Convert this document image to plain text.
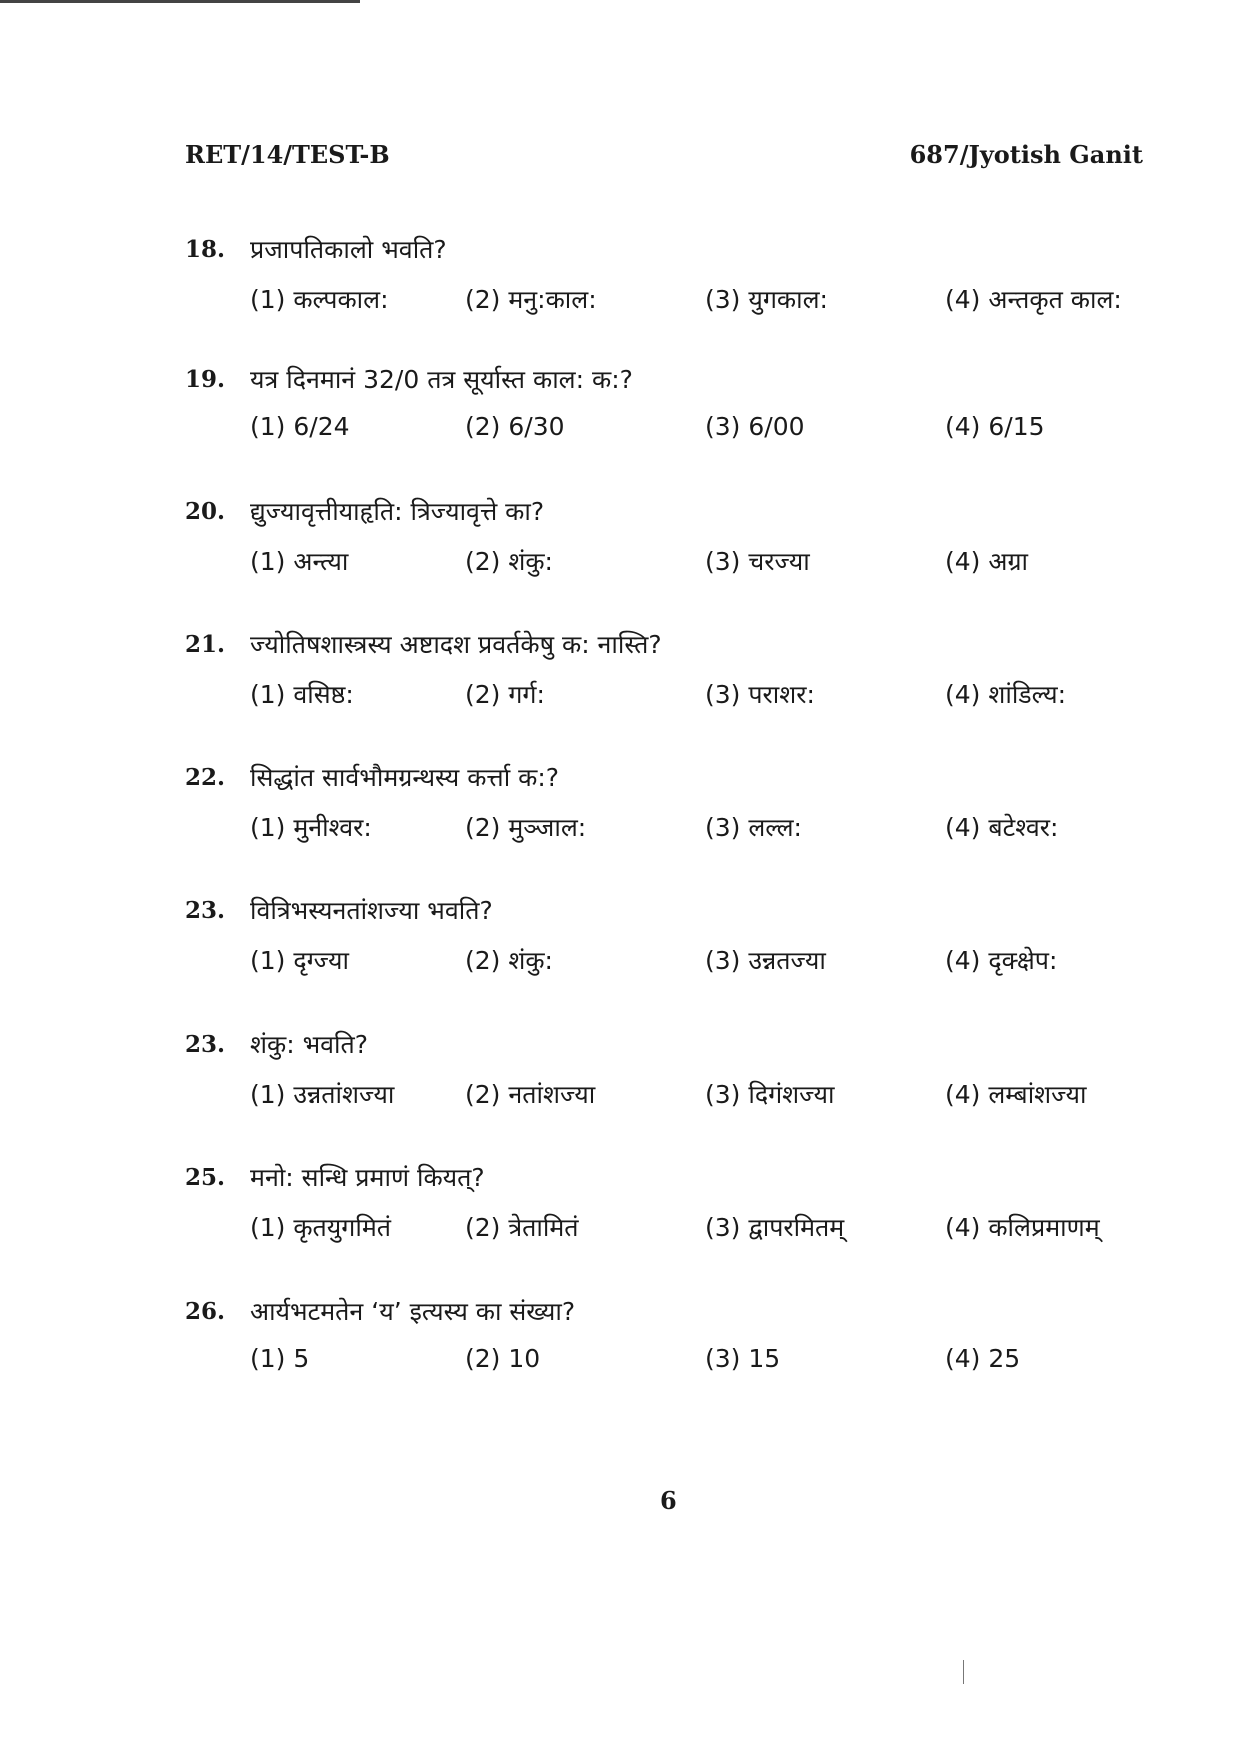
RET/14/TEST-B	687/Jyotish Ganit
18. प्रजापतिकालो भवति?
(1) कल्पकाल:	(2) मनु:काल:	(3) युगकाल:	(4) अन्तकृत काल:
19. यत्र दिनमानं 32/0 तत्र सूर्यास्त काल: क:?
(1) 6/24	(2) 6/30	(3) 6/00	(4) 6/15
20. द्युज्यावृत्तीयाहृति: त्रिज्यावृत्ते का?
(1) अन्त्या	(2) शंकु:	(3) चरज्या	(4) अग्रा
21. ज्योतिषशास्त्रस्य अष्टादश प्रवर्तकेषु क: नास्ति?
(1) वसिष्ठ:	(2) गर्ग:	(3) पराशर:	(4) शांडिल्य:
22. सिद्धांत सार्वभौमग्रन्थस्य कर्त्ता क:?
(1) मुनीश्वर:	(2) मुञ्जाल:	(3) लल्ल:	(4) बटेश्वर:
23. वित्रिभस्यनतांशज्या भवति?
(1) दृग्ज्या	(2) शंकु:	(3) उन्नतज्या	(4) दृक्क्षेप:
23. शंकु: भवति?
(1) उन्नतांशज्या	(2) नतांशज्या	(3) दिगंशज्या	(4) लम्बांशज्या
25. मनो: सन्धि प्रमाणं कियत्?
(1) कृतयुगमितं	(2) त्रेतामितं	(3) द्वापरमितम्	(4) कलिप्रमाणम्
26. आर्यभटमतेन ‘य’ इत्यस्य का संख्या?
(1) 5	(2) 10	(3) 15	(4) 25
6
